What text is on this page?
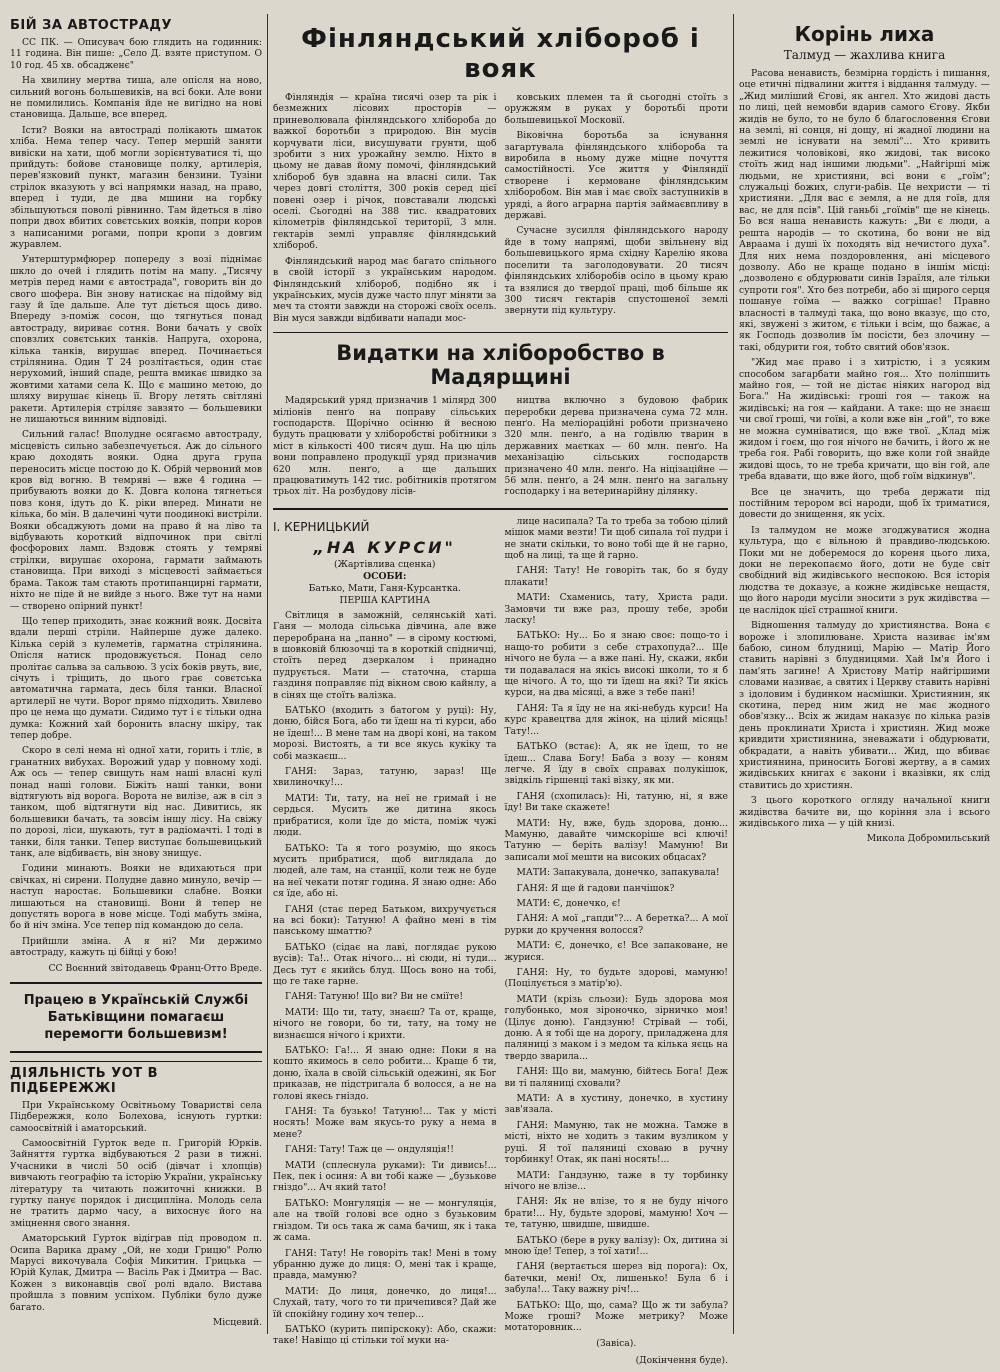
БІЙ ЗА АВТОСТРАДУ

СС ПК. — Описувач бою глядить на годинник: 11 година. Він пише: „Село Д. взяте приступом. О 10 год. 45 хв. обсадженє"

На хвилину мертва тиша, але опісля на ново, сильний вогонь большевиків, на всі боки. Але вони не помилились. Компанія йде не вигідно на нові становища. Дальше, все вперед.

Істи? Вояки на автостраді полікають шматок хліба. Нема тепер часу. Тепер мершій заняти вивіски на хати, щоб могли зорієнтуватися ті, що прийдуть: бойове становище полку, артилерія, перев'язковий пункт, магазин бензини. Тузіни стрілок вказують у всі напрямки назад, на право, вперед і туди, де два мшини на горбку збільшуються поволі рівнинно. Там йдеться в ліво попри двох вбитих совєтських вояків, попри коров з написаними рогами, попри кропи з довгим журавлем.

Унтерштурмфюрер попереду з возі піднімає шкло до очей і глядить потім на мапу. „Тисячу метрів перед нами є автострада", говорить він до свого шофера. Він знову натискає на підойму від газу й їде дальше. Але тут діється щось диво. Впереду з-поміж сосон, що тягнуться понад автостраду, вириває сотня. Вони бачать у своїх сповзлих совєтських танків. Напруга, охорона, кілька танків, вирушає вперед. Починається стрілянина. Один Т 24 розлітається, один стає нерухомий, інший спаде, решта вмикає швидко за жовтими хатами села К. Що є машино метою, до шляху вирушає кінець її. Вгору летять світляні ракети. Артилерія стріляє завзято — большевики не лишаються винним відповіді.

Сильний галас! Вполудне осягаємо автостраду, місцевість сильно забезпечується. Аж до сільного краю доходять вояки. Одна друга група переносить місце постою до К. Обрій червоний мов кров від вогню. В темряві — вже 4 година — прибувають вояки до К. Довга колона тягнеться повз коня, ідуть до К. ріки вперед. Минати не кілька, бо мін. В далечині чути поодинокі вистріли. Вояки обсаджують доми на право й на ліво та відбувають короткий відпочинок при світлі фосфорових ламп. Вздовж стоять у темряві стрілки, вирушає охорона, гармати займають становища. При виході з місцевості займається брама. Також там стають протипанцирні гармати, ніхто не піде й не вийде з нього. Вже тут на нами — створено опірний пункт!

Що тепер приходить, знає кожний вояк. Досвіта вдали перші стріли. Найперше дуже далеко. Кілька серій з кулеметів, гарматна стрілянина. Опісля натиск продовжується. Понад село пролітає сальва за сальвою. З усіх боків рвуть, виє, січуть і тріщить, до цього грає совєтська автоматична гармата, десь біля танки. Власної артилерії не чути. Ворог прямо підходить. Хвилево про це нема що думати. Сидимо тут і є тільки одна думка: Кожний хай боронить власну шкіру, так тепер добре.

Скоро в селі нема ні одної хати, горить і тліє, в гранатних вибухах. Ворожий удар у повному ході. Аж ось — тепер свищуть нам наші власні кулі понад наші голови. Біжіть наші танки, вони відтягують від ворога. Ворота не вилізе, аж в сіл з танком, щоб відтягнути від нас. Дивитись, як большевики бачать, та зовсім іншу лісу. На свіжу по дорозі, ліси, шукають, тут в радіомачті. І тоді в танки, біля танки. Тепер виступає большевицький танк, але відбиваєть, він знову знищує.

Години минають. Вояки не вдихаються при свічках, ні сирени. Полудне давно минуло, вечір — наступ наростає. Большевики слабне. Вояки лишаються на становищі. Вони й тепер не допустять ворога в нове місце. Тоді мабуть зміна, бо й ніч зміна. Усе тепер під командою до села.

Прийшли зміна. А я ні? Ми держимо автостраду, кажуть ці бійці у бою!

СС Воєнний звітодавець Франц-Отто Вреде.
Працею в Українській Службі Батьківщини помагаєш перемогти большевизм!
ДІЯЛЬНІСТЬ УОТ В ПІДБЕРЕЖЖІ

При Українському Освітньому Товаристві села Підбережжя, коло Болехова, існують гуртки: самоосвітній і аматорський.

Самоосвітній Гурток веде п. Григорій Юрків. Зайняття гуртка відбуваються 2 рази в тижні. Учасники в числі 50 осіб (дівчат і хлопців) вивчають географію та історію України, українську літературу та читають пожиточні книжки. В гуртку панує порядок і дисципліна. Молодь села не тратить дармо часу, а вихоснує його на зміцнення свого знання.

Аматорський Гурток відіграв під проводом п. Осипа Варика драму „Ой, не ходи Грицю" Ролю Марусі викочувала Софія Микитин. Грицька — Юрій Кулак, Дмитра — Васіль Рак і Дмитра — Вас. Кожен з виконавців свої ролі вдало. Вистава пройшла з повним успіхом. Публіки було дуже багато.

Місцевий.
Фінляндський хлібороб і вояк

Фінляндія — країна тисячі озер та рік і безмежних лісових просторів — приневолювала фінляндського хлібороба до важкої боротьби з природою. Він мусів корчувати ліси, висушувати грунти, щоб зробити з них урожайну землю. Ніхто в цьому не давав йому помочі, фінляндський хлібороб був здавна на власні сили. Так через довгі століття, 300 років серед цієї повені озер і річок, повставали людські оселі. Сьогодні на 388 тис. квадратових кілометрів фінляндської території, 3 млн. гектарів землі управляє фінляндський хлібороб.

Фінляндський народ має багато спільного в своїй історії з українським народом. Фінляндський хлібороб, подібно як і українських, мусів дуже часто плуг міняти за меч та стояти завжди на сторожі своїх осель. Він муся завжди відбивати напади мос-

ковських племен та й сьогодні стоїть з оружжям в руках у боротьбі проти большевицької Московії.

Віковічна боротьба за існування загартувала фінляндського хлібороба та виробила в ньому дуже міцне почуття самостійності. Усе життя у Фінляндії створене і кермоване фінляндським хліборобом. Він мав і має своїх заступників в уряді, а його аграрна партія займаєвпливу в державі.

Сучасне зусилля фінляндського народу йде в тому напрямі, щоби звільнену від большевицького ярма східну Карелію якова поселити та заголодовувати. 20 тисяч фінляндських хліборобів осіло в цьому краю та взялися до твердої праці, щоб більше як 300 тисяч гектарів спустошеної землі звернути під культуру.

Видатки на хліборобство в Мадярщині

Мадярський уряд призначив 1 мілярд 300 міліонів пенґо на поправу сільських господарств. Щорічно осінню й весною будуть працювати у хліборобстві робітники з міст в кількості 400 тисяч душ. На цю ціль вони поправлено продукції уряд призначив 620 млн. пенґо, а ще дальших працюватимуть 142 тис. робітників протягом трьох літ. На розбудову лісів-

ництва включно з будовою фабрик переробки дерева призначена сума 72 млн. пенґо. На меліораційні роботи призначено 320 млн. пенґо, а на годівлю тварин в державних маєтках — 60 млн. пенґо. На механізацію сільських господарств призначено 40 млн. пенґо. На ніцізаційне — 56 млн. пенґо, а 24 млн. пенґо на загальну господарку і на ветеринарійну ділянку.

І. КЕРНИЦЬКИЙ
„НА КУРСИ"
(Жартівлива сценка)
ОСОБИ:
Батько, Мати, Ганя-Курсантка.
ПЕРША КАРТИНА

Світлиця в заможній, селянській хаті. Ганя — молода сільська дівчина, але вже переробрана на „панно" — в сірому костюмі, в шовковій блюзочці та в короткій спідничці, стоїть перед дзеркалом і принадно пудрується. Мати — статочна, старша газдиня поправляє під вікном свою кайнлу, а в сінях ще стоїть валізка.

БАТЬКО (входить з батогом у руці): Ну, доню, бійся Бога, або ти їдеш на ті курси, або не їдеш!... В мене там на дворі коні, на таком морозі. Вистоять, а ти все якусь кукіку та собі мазкаєш...

ГАНЯ: Зараз, татуню, зараз! Ще хвилиночку!...

МАТИ: Ти, тату, на неї не гримай і не сердься. Мусить же дитина якось прибратися, коли їде до міста, поміж чужі люди.

БАТЬКО: Та я того розумію, що якось мусить прибратися, щоб виглядала до людей, але там, на станції, коли теж не буде на неї чекати потяг година. Я знаю одне: Або ся їде, або ні.

ГАНЯ (стає перед Батьком, вихручується на всі боки): Татуню! А файно мені в тім панському шматтю?

БАТЬКО (сідає на лаві, поглядає рукою вусів): Та!.. Отак нічого... ні сюди, ні туди... Десь тут є якийсь блуд. Щось воно на тобі, що ге таке гарне.

ГАНЯ: Татуню! Що ви? Ви не сміїте!

МАТИ: Що ти, тату, знаєш? Та от, краще, нічого не говори, бо ти, тату, на тому не визнаєшся нічого і крихти.

БАТЬКО: Га!... Я знаю одне: Поки я на кошто якимось в село робити... Краще б ти, доню, їхала в своїй сільській одежині, як Бог приказав, не підстригала б волосся, а не на голові якесь гніздо.

ГАНЯ: Та бузько! Татуню!... Так у місті носять! Може вам якусь-то руку а нема в мене?

ГАНЯ: Тату! Таж це — ондуляція!!

МАТИ (сплеснула руками): Ти дивись!... Пек, пек і осиня: А ви тобі каже — „бузькове гніздо"... Ач який тато!

БАТЬКО: Монгуляція — не — монгуляція, але на твоїй голові все одно з бузьковим гніздом. Ти ось така ж сама бачиш, як і така ж сама.

ГАНЯ: Тату! Не говоріть так! Мені в тому убранню дуже до лиця: О, мені так і краще, правда, мамуню?

МАТИ: До лиця, донечко, до лиця!... Слухай, тату, чого то ти причепився? Дай же їй спокійну годину хоч тепер...

БАТЬКО (курить пипірскоку): Або, скажи: таке! Навіщо ці стільки тої муки на-

лице насипала? Та то треба за тобою цілий мішок мами везти! Ти щоб сипала тої пудри і не знати скільки, то воно тобі ще й не гарно, щоб на лиці, та ще й гарно.

ГАНЯ: Тату! Не говоріть так, бо я буду плакати!

МАТИ: Схаменись, тату, Христа ради. Замовчи ти вже раз, прошу тебе, зроби ласку!

БАТЬКО: Ну... Бо я знаю своє: пощо-то і нащо-то робити з себе страхопуда?... Ще нічого не була — а вже пані. Ну, скажи, якби ти подавалася на якісь високі школи, то я б ще нічого. А то, що ти їдеш на які? Ти якісь курси, на два місяці, а вже з тебе пані!

ГАНЯ: Та я їду не на які-небудь курси! На курс кравецтва для жінок, на цілий місяць! Тату!...

БАТЬКО (встає): А, як не їдеш, то не їдеш... Слава Богу! Баба з возу — коням легче. Я їду в своїх справах полукішок, звідкіль гіршенці такі візку, як ми.

ГАНЯ (схопилась): Ні, татуню, ні, я вже їду! Ви таке скажете!

МАТИ: Ну, вже, будь здорова, доню... Мамуню, давайте чимскоріше всі ключі! Татуню — беріть валізу! Мамуню! Ви записали мої мешти на високих обцасах?

МАТИ: Запакувала, донечко, запакувала!

ГАНЯ: Я ще й гадови панчішок?

МАТИ: Є, донечко, є!

ГАНЯ: А мої „гапди"?... А беретка?... А мої рурки до кручення волосся?

МАТИ: Є, донечко, є! Все запаковане, не журися.

ГАНЯ: Ну, то будьте здорові, мамуню! (Поцілується з матір'ю).

МАТИ (крізь сльози): Будь здорова моя голубонько, моя зіроночко, зірничко моя! (Цілує доню). Гандзуню! Стрівай — тобі, доню. А я тобі ще на дорогу, приладжена для паляниці з маком і з медом та кілька яєць на твердо зварила...

ГАНЯ: Що ви, мамуню, бійтесь Бога! Деж ви ті паляниці сховали?

МАТИ: А в хустину, донечко, в хустину зав'язала.

ГАНЯ: Мамуню, так не можна. Тамже в місті, ніхто не ходить з таким вузликом у руці. Я тої паляниці сховаю в ручну торбинку! Отак, як пані носять!...

МАТИ: Гандзуню, таже в ту торбинку нічого не влізе...

ГАНЯ: Як не влізе, то я не буду нічого брати!... Ну, будьте здорові, мамуню! Хоч — те, татуню, швидше, швидше.

БАТЬКО (бере в руку валізу): Ох, дитина зі мною їде! Тепер, з тої хати!...

ГАНЯ (вертається шерез від порога): Ох, батечки, мені! Ох, лишенько! Була б і забула!... Таку важну річ!...

БАТЬКО: Що, що, сама? Що ж ти забула? Може гроші? Може метрику? Може мотаторовник...

(Завіса).
(Докінчення буде).
Корінь лиха
Талмуд — жахлива книга

Расова ненависть, безмірна гордість і пишання, оце етичні підвалини життя і віддання талмуду. — „Жид миліший Єгові, як ангел. Хто жидові дасть по лиці, цей немовби вдарив самого Єгову. Якби жидів не було, то не було б благословення Єгови на землі, ні сонця, ні дощу, ні жадної людини на землі не існувати на землі"... Хто кривить лежитися чоловікові, яко жидові, так високо стоїть жид над іншими людьми". „Найгірші між людьми, не християни, всі вони є „гоїм"; служальці божих, слуги-рабів. Це нехристи — ті християни. „Для вас є земля, а не для гоїв, для вас, не для псів". Цій ганьбі „гоїмів" ще не кінець. Бо вся наша ненависть кажуть: „Ви є люди, а решта народів — то скотина, бо вони не від Авраама і душі їх походять від нечистого духа". Для них нема поздоровлення, ані місцевого дозволу. Або не краще подано в іншім місці: „дозволено є обдурювати синів Ізраїля, але тільки супроти гоя". Хто без потреби, або зі щирого серця пошануе гоїма — важко согрішає! Правно власності в талмуді така, що воно вказує, що сто, які, звужені з житом, є тільки і всім, що бажає, а як Господь дозволив їм посісти, без злочину — такі, обдурити гоя, тобто святий обов'язок.

"Жид має право і з хитрістю, і з усяким способом загарбати майно гоя... Хто поліпшить майно гоя, — той не дістає ніяких нагород від Бога." На жидівські: гроші гоя — також на жидівські; на гоя — кайдани. А таке: що не знаєш чи свої гроші, чи гоїві, а коли вже він „гой", то вже не можна сумніватися, що вже твої. „Клад між жидом і гоєм, що гоя нічого не бачить, і його ж не треба гоя. Рабі говорить, що вже коли гой знайде жидові щось, то не треба кричати, що він гой, але треба вдавати, що вже його, щоб гоїм відкинув".

Все це значить, що треба держати під постійним терором всі народи, щоб їх триматися, довести до знищення, як усіх.

Із талмудом не може згоджуватися жодна культура, що є вільною й правдиво-людською. Поки ми не доберемося до кореня цього лиха, доки не перекопаємо його, доти не буде світ свобідний від жидівського неспокою. Вся історія людства те доказує, а кожне жидівське нещастя, що його народи мусіли зносити з рук жидівства — це наслідок цієї страшної книги.

Відношення талмуду до християнства. Вона є вороже і злопилюване. Христа називає ім'ям бабою, сином блудниці, Марію — Матір Його ставить нарівні з блудницями. Хай Ім'я Його і пам'ять загине! А Христову Матір найгіршими словами називає, а святих і Церкву ставить нарівні з ідоловим і будинком насмішки. Християнин, як скотина, перед ним жид не має жодного обов'язку... Всіх ж жидам наказує по кілька разів день проклинати Христа і християн. Жид може кривдити християнина, зневажати і обдурювати, обкрадати, а навіть убивати... Жид, що вбиває християнина, приносить Богові жертву, а в самих жидівських книгах є закони і вказівки, як слід ставитись до християн.

З цього короткого огляду начальної книги жидівства бачите ви, що коріння зла і всього жидівського лиха — у цій книзі.

Микола Добромильський
